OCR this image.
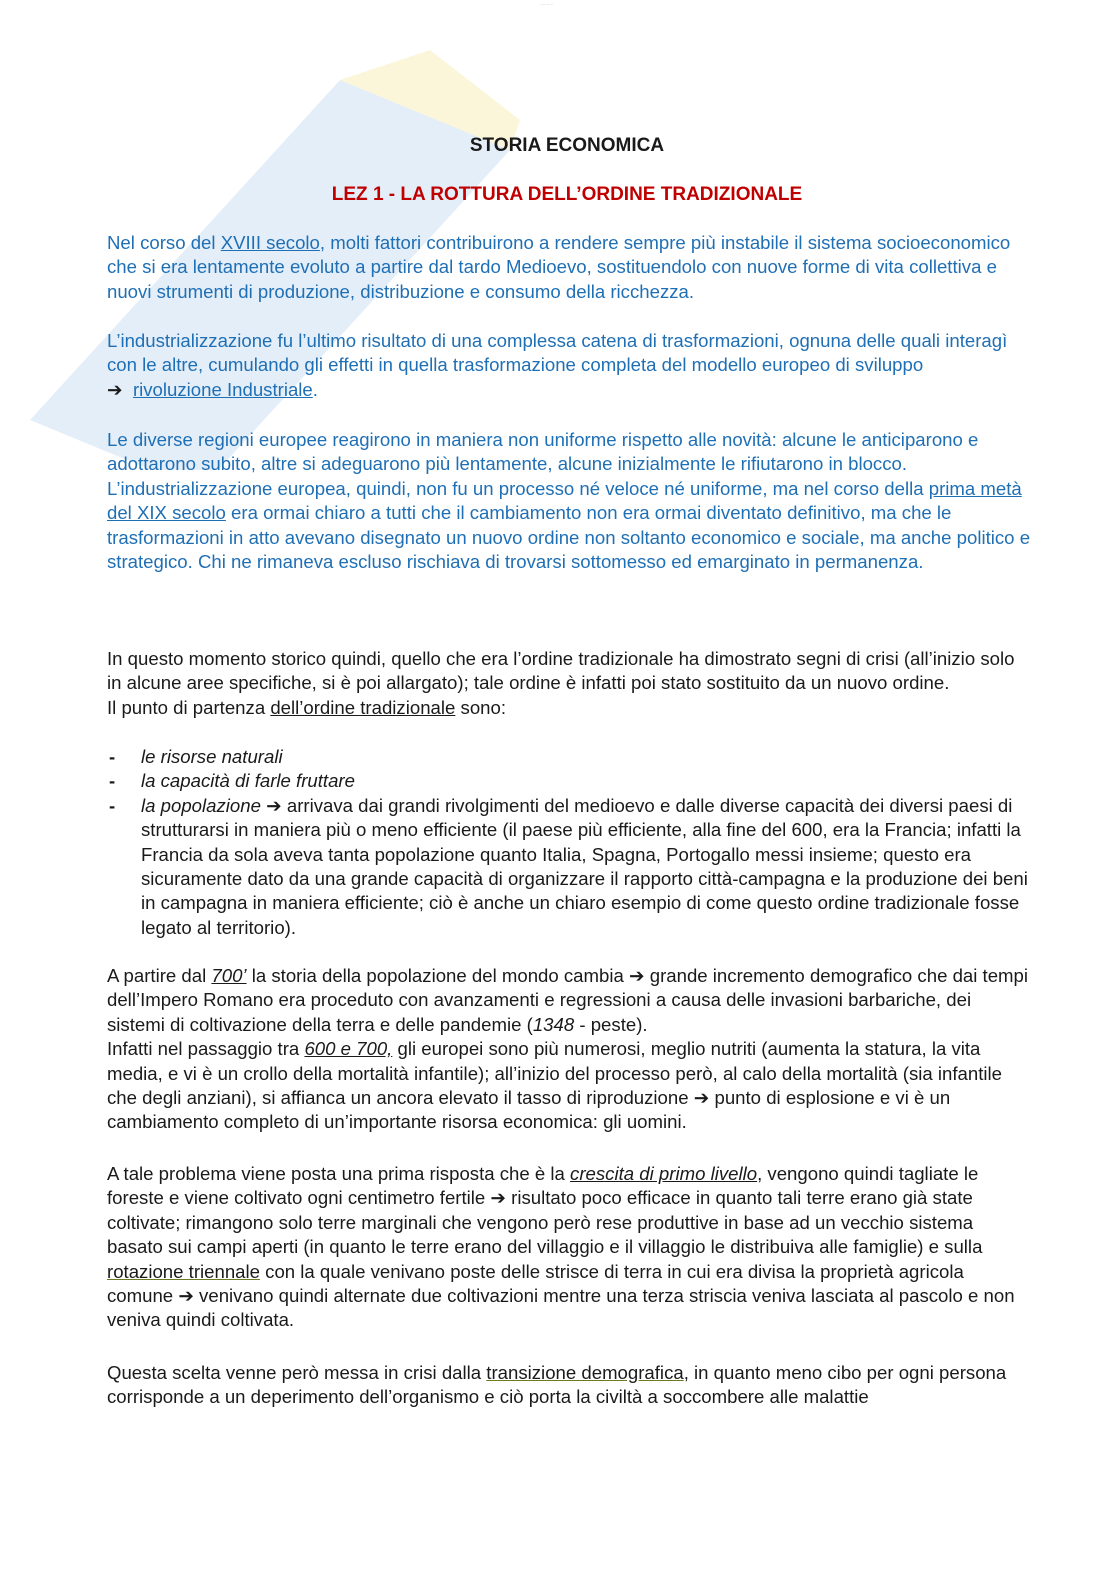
··········
STORIA ECONOMICA
LEZ 1 - LA ROTTURA DELL’ORDINE TRADIZIONALE

Nel corso del XVIII secolo, molti fattori contribuirono a rendere sempre più instabile il sistema socioeconomico che si era lentamente evoluto a partire dal tardo Medioevo, sostituendolo con nuove forme di vita collettiva e nuovi strumenti di produzione, distribuzione e consumo della ricchezza.

L’industrializzazione fu l’ultimo risultato di una complessa catena di trasformazioni, ognuna delle quali interagì con le altre, cumulando gli effetti in quella trasformazione completa del modello europeo di sviluppo ➔ rivoluzione Industriale.

Le diverse regioni europee reagirono in maniera non uniforme rispetto alle novità: alcune le anticiparono e adottarono subito, altre si adeguarono più lentamente, alcune inizialmente le rifiutarono in blocco.
L’industrializzazione europea, quindi, non fu un processo né veloce né uniforme, ma nel corso della prima metà del XIX secolo era ormai chiaro a tutti che il cambiamento non era ormai diventato definitivo, ma che le trasformazioni in atto avevano disegnato un nuovo ordine non soltanto economico e sociale, ma anche politico e strategico. Chi ne rimaneva escluso rischiava di trovarsi sottomesso ed emarginato in permanenza.

In questo momento storico quindi, quello che era l’ordine tradizionale ha dimostrato segni di crisi (all’inizio solo in alcune aree specifiche, si è poi allargato); tale ordine è infatti poi stato sostituito da un nuovo ordine.
Il punto di partenza dell’ordine tradizionale sono:

- le risorse naturali
- la capacità di farle fruttare
- la popolazione ➔ arrivava dai grandi rivolgimenti del medioevo e dalle diverse capacità dei diversi paesi di strutturarsi in maniera più o meno efficiente (il paese più efficiente, alla fine del 600, era la Francia; infatti la Francia da sola aveva tanta popolazione quanto Italia, Spagna, Portogallo messi insieme; questo era sicuramente dato da una grande capacità di organizzare il rapporto città-campagna e la produzione dei beni in campagna in maniera efficiente; ciò è anche un chiaro esempio di come questo ordine tradizionale fosse legato al territorio).

A partire dal 700’ la storia della popolazione del mondo cambia ➔ grande incremento demografico che dai tempi dell’Impero Romano era proceduto con avanzamenti e regressioni a causa delle invasioni barbariche, dei sistemi di coltivazione della terra e delle pandemie (1348 - peste).
Infatti nel passaggio tra 600 e 700, gli europei sono più numerosi, meglio nutriti (aumenta la statura, la vita media, e vi è un crollo della mortalità infantile); all’inizio del processo però, al calo della mortalità (sia infantile che degli anziani), si affianca un ancora elevato il tasso di riproduzione ➔ punto di esplosione e vi è un cambiamento completo di un’importante risorsa economica: gli uomini.

A tale problema viene posta una prima risposta che è la crescita di primo livello, vengono quindi tagliate le foreste e viene coltivato ogni centimetro fertile ➔ risultato poco efficace in quanto tali terre erano già state coltivate; rimangono solo terre marginali che vengono però rese produttive in base ad un vecchio sistema basato sui campi aperti (in quanto le terre erano del villaggio e il villaggio le distribuiva alle famiglie) e sulla rotazione triennale con la quale venivano poste delle strisce di terra in cui era divisa la proprietà agricola comune ➔ venivano quindi alternate due coltivazioni mentre una terza striscia veniva lasciata al pascolo e non veniva quindi coltivata.

Questa scelta venne però messa in crisi dalla transizione demografica, in quanto meno cibo per ogni persona corrisponde a un deperimento dell’organismo e ciò porta la civiltà a soccombere alle malattie
